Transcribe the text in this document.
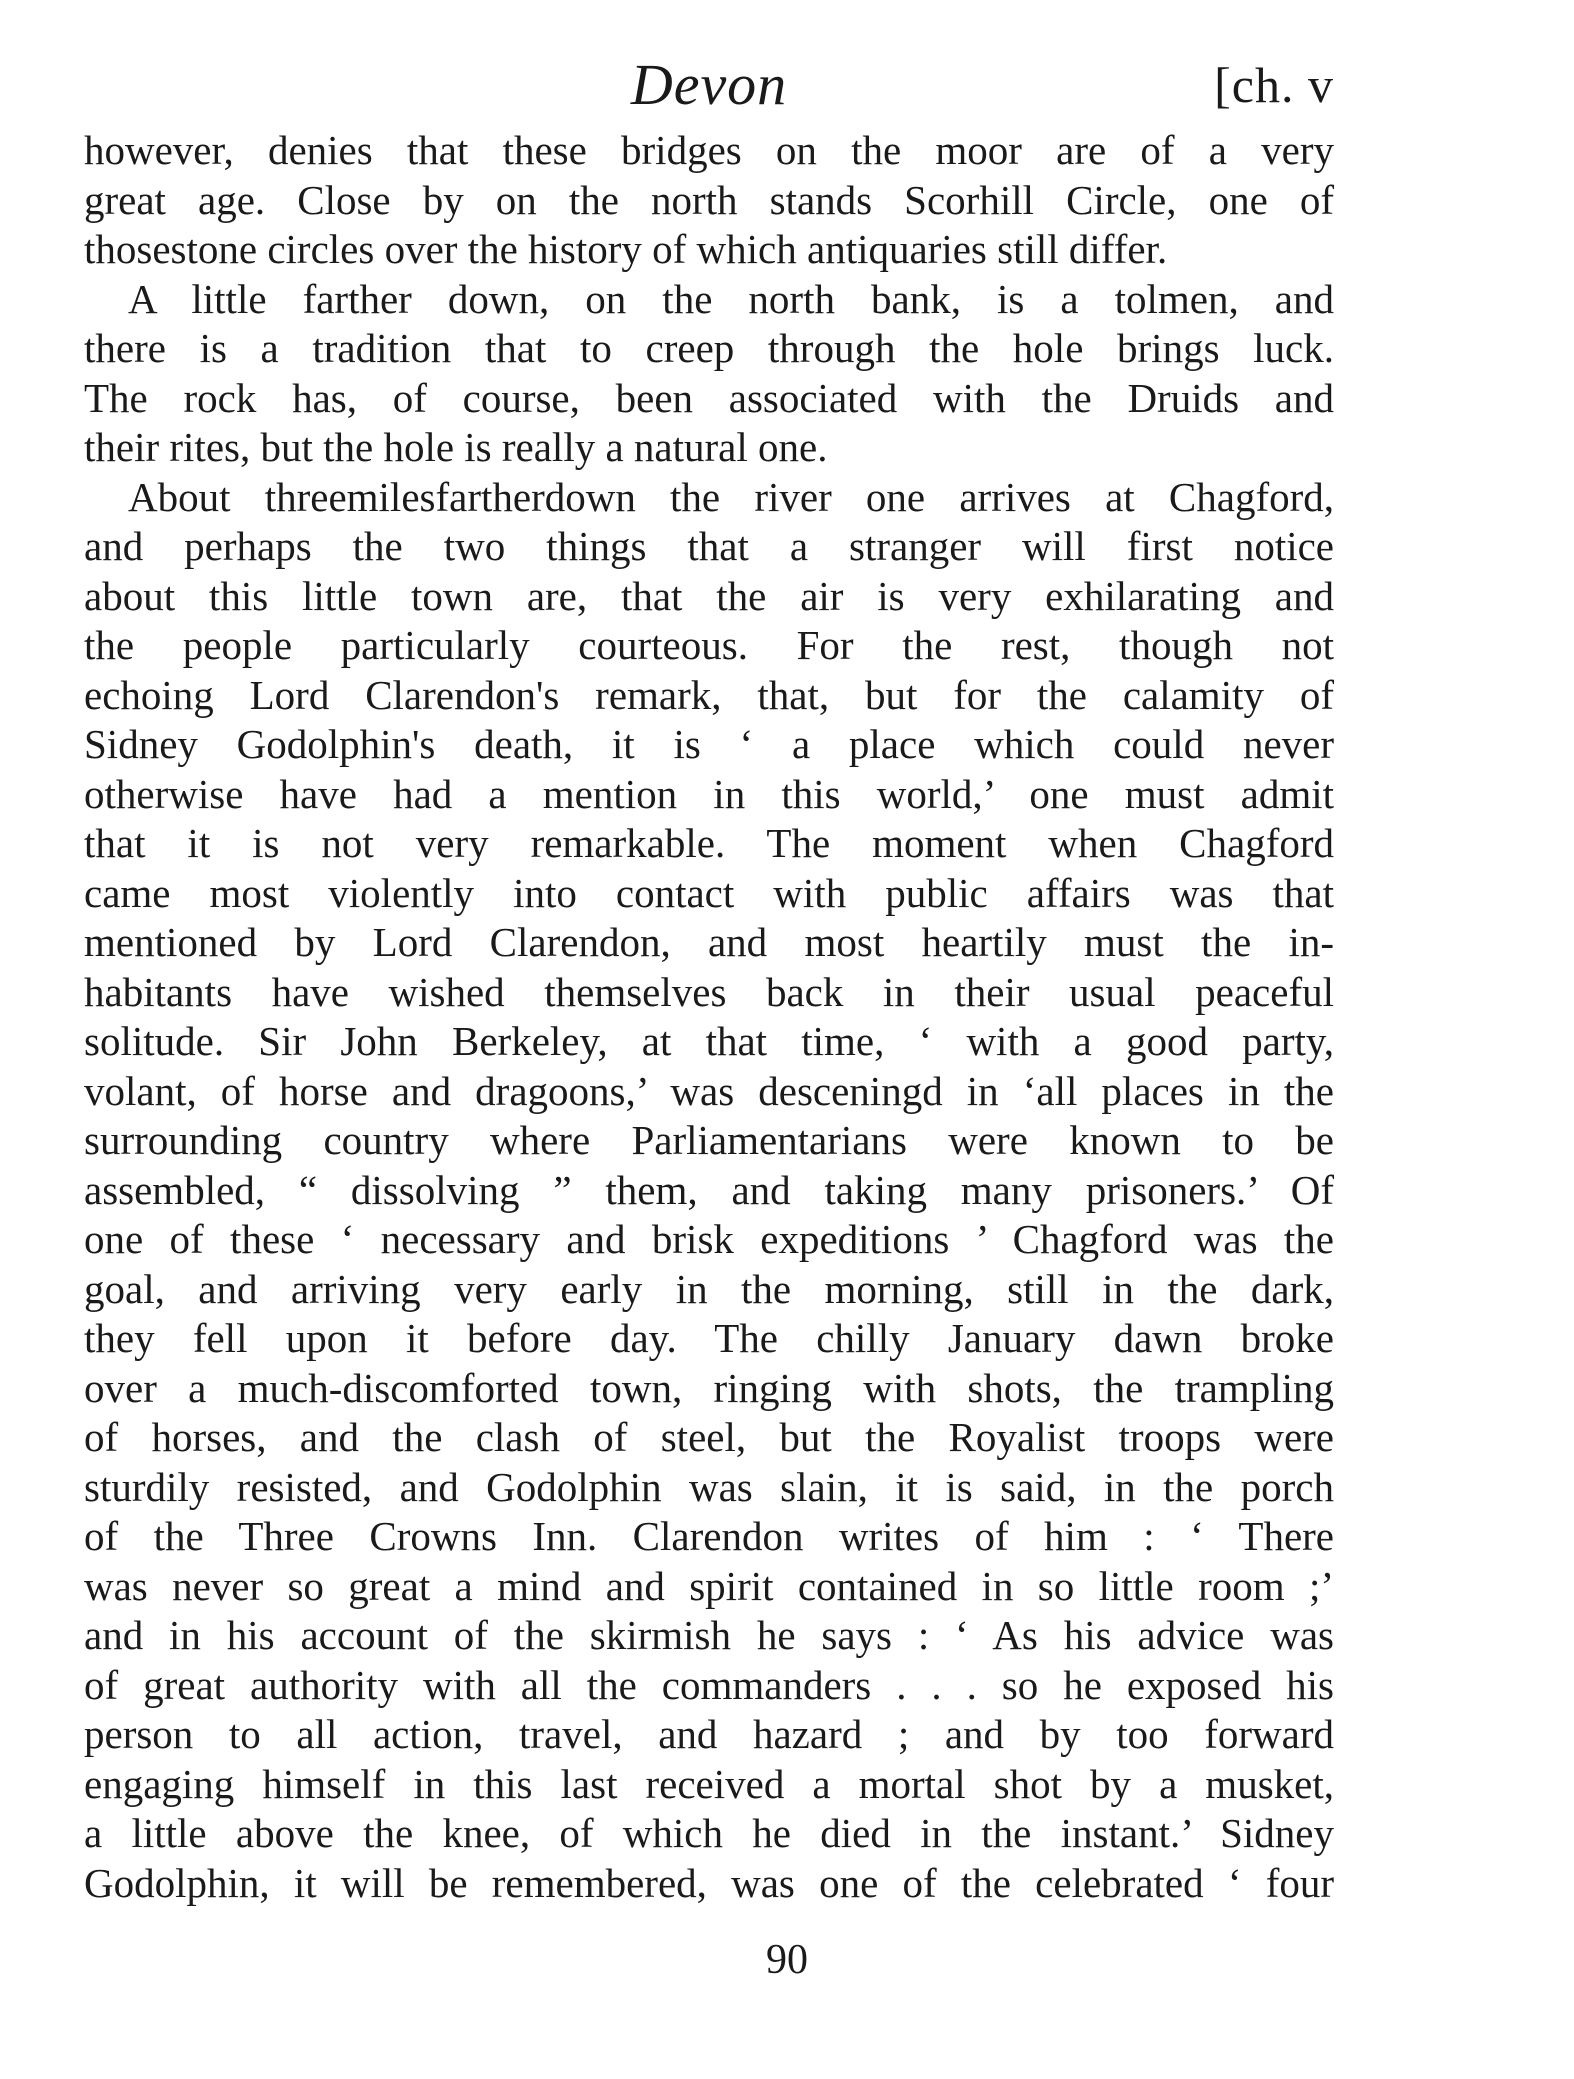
Devon	[ch. v
however, denies that these bridges on the moor are of a very
great age. Close by on the north stands Scorhill Circle, one of
thosestone circles over the history of which antiquaries still differ.
A little farther down, on the north bank, is a tolmen, and
there is a tradition that to creep through the hole brings luck.
The rock has, of course, been associated with the Druids and
their rites, but the hole is really a natural one.
About threemilesfartherdown the river one arrives at Chagford,
and perhaps the two things that a stranger will first notice
about this little town are, that the air is very exhilarating and
the people particularly courteous. For the rest, though not
echoing Lord Clarendon's remark, that, but for the calamity of
Sidney Godolphin's death, it is ‘ a place which could never
otherwise have had a mention in this world,’ one must admit
that it is not very remarkable. The moment when Chagford
came most violently into contact with public affairs was that
mentioned by Lord Clarendon, and most heartily must the in-
habitants have wished themselves back in their usual peaceful
solitude. Sir John Berkeley, at that time, ‘ with a good party,
volant, of horse and dragoons,’ was desceningd in ‘all places in the
surrounding country where Parliamentarians were known to be
assembled, “ dissolving ” them, and taking many prisoners.’ Of
one of these ‘ necessary and brisk expeditions ’ Chagford was the
goal, and arriving very early in the morning, still in the dark,
they fell upon it before day. The chilly January dawn broke
over a much-discomforted town, ringing with shots, the trampling
of horses, and the clash of steel, but the Royalist troops were
sturdily resisted, and Godolphin was slain, it is said, in the porch
of the Three Crowns Inn. Clarendon writes of him : ‘ There
was never so great a mind and spirit contained in so little room ;’
and in his account of the skirmish he says : ‘ As his advice was
of great authority with all the commanders . . . so he exposed his
person to all action, travel, and hazard ; and by too forward
engaging himself in this last received a mortal shot by a musket,
a little above the knee, of which he died in the instant.’ Sidney
Godolphin, it will be remembered, was one of the celebrated ‘ four
90
